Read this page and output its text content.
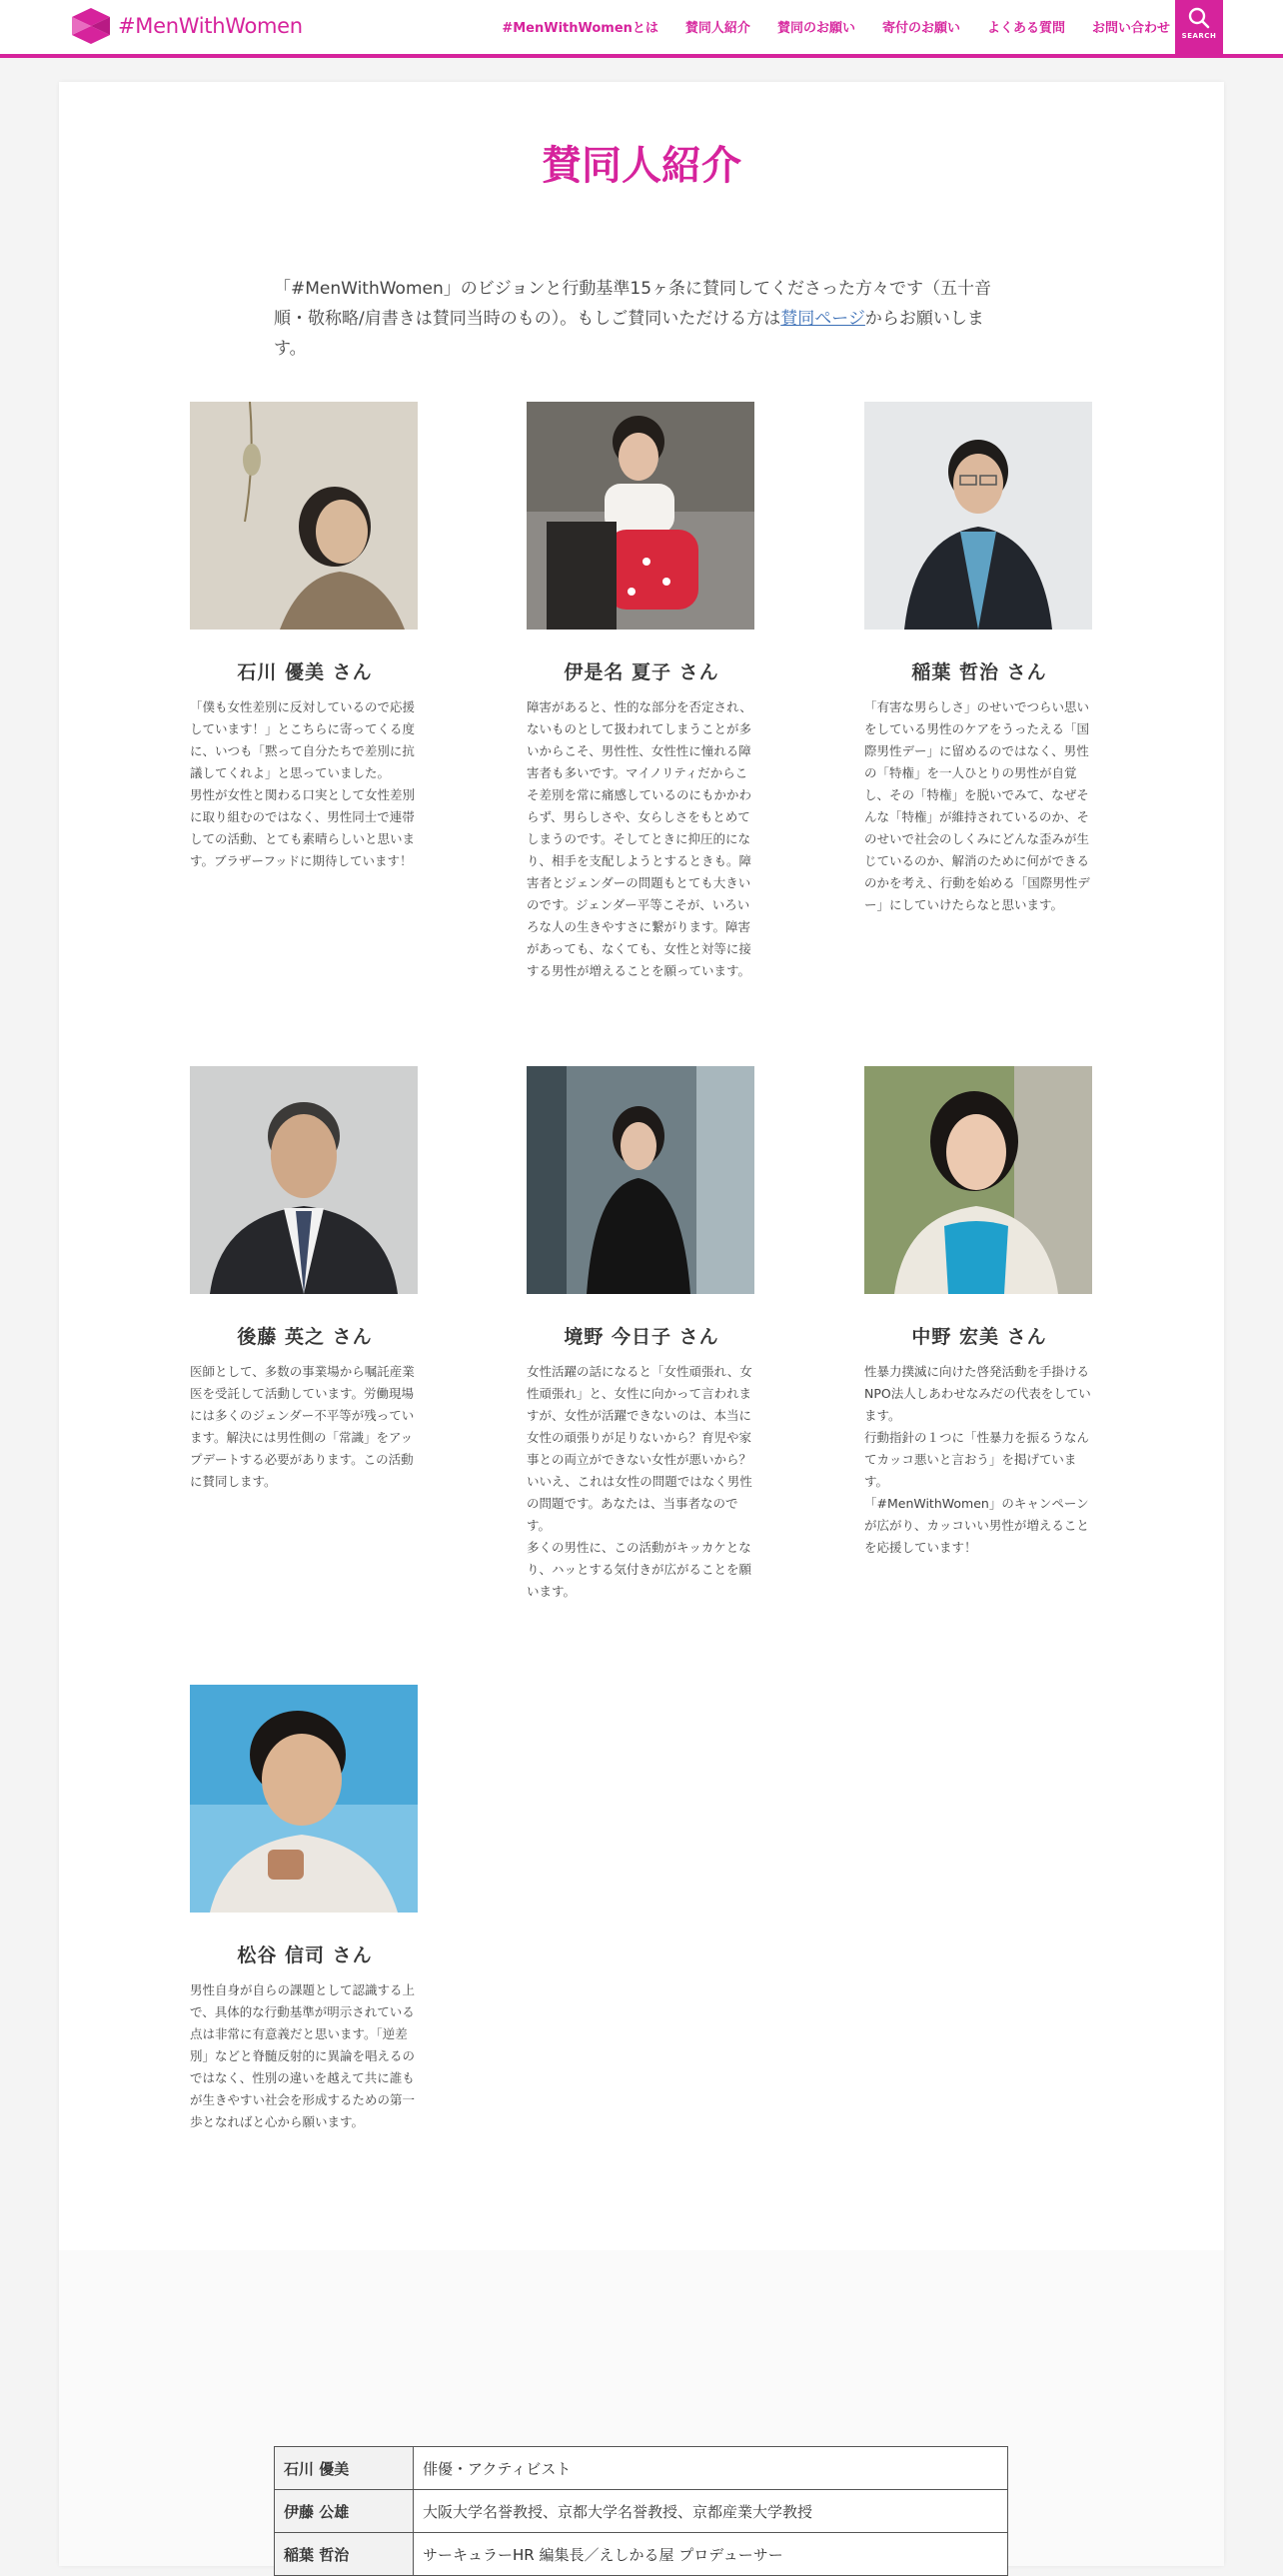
#MenWithWomen	#MenWithWomenとは 賛同人紹介 賛同のお願い 寄付のお願い よくある質問 お問い合わせ
SEARCH
賛同人紹介

「#MenWithWomen」のビジョンと行動基準15ヶ条に賛同してくださった方々です（五十音順・敬称略/肩書きは賛同当時のもの）。もしご賛同いただける方は賛同ページからお願いします。

石川 優美 さん

「僕も女性差別に反対しているので応援しています！」とこちらに寄ってくる度に、いつも「黙って自分たちで差別に抗議してくれよ」と思っていました。
男性が女性と関わる口実として女性差別に取り組むのではなく、男性同士で連帯しての活動、とても素晴らしいと思います。ブラザーフッドに期待しています！

伊是名 夏子 さん

障害があると、性的な部分を否定され、ないものとして扱われてしまうことが多いからこそ、男性性、女性性に憧れる障害者も多いです。マイノリティだからこそ差別を常に痛感しているのにもかかわらず、男らしさや、女らしさをもとめてしまうのです。そしてときに抑圧的になり、相手を支配しようとするときも。障害者とジェンダーの問題もとても大きいのです。ジェンダー平等こそが、いろいろな人の生きやすさに繋がります。障害があっても、なくても、女性と対等に接する男性が増えることを願っています。

稲葉 哲治 さん

「有害な男らしさ」のせいでつらい思いをしている男性のケアをうったえる「国際男性デー」に留めるのではなく、男性の「特権」を一人ひとりの男性が自覚し、その「特権」を脱いでみて、なぜそんな「特権」が維持されているのか、そのせいで社会のしくみにどんな歪みが生じているのか、解消のために何ができるのかを考え、行動を始める「国際男性デー」にしていけたらなと思います。

後藤 英之 さん

医師として、多数の事業場から嘱託産業医を受託して活動しています。労働現場には多くのジェンダー不平等が残っています。解決には男性側の「常識」をアップデートする必要があります。この活動に賛同します。

境野 今日子 さん

女性活躍の話になると「女性頑張れ、女性頑張れ」と、女性に向かって言われますが、女性が活躍できないのは、本当に女性の頑張りが足りないから？育児や家事との両立ができない女性が悪いから？
いいえ、これは女性の問題ではなく男性の問題です。あなたは、当事者なのです。
多くの男性に、この活動がキッカケとなり、ハッとする気付きが広がることを願います。

中野 宏美 さん

性暴力撲滅に向けた啓発活動を手掛けるNPO法人しあわせなみだの代表をしています。
行動指針の１つに「性暴力を振るうなんてカッコ悪いと言おう」を掲げています。
「#MenWithWomen」のキャンペーンが広がり、カッコいい男性が増えることを応援しています！

松谷 信司 さん

男性自身が自らの課題として認識する上で、具体的な行動基準が明示されている点は非常に有意義だと思います。「逆差別」などと脊髄反射的に異論を唱えるのではなく、性別の違いを越えて共に誰もが生きやすい社会を形成するための第一歩となればと心から願います。

石川 優美	俳優・アクティビスト
伊藤 公雄	大阪大学名誉教授、京都大学名誉教授、京都産業大学教授
稲葉 哲治	サーキュラーHR 編集長／えしかる屋 プロデューサー
